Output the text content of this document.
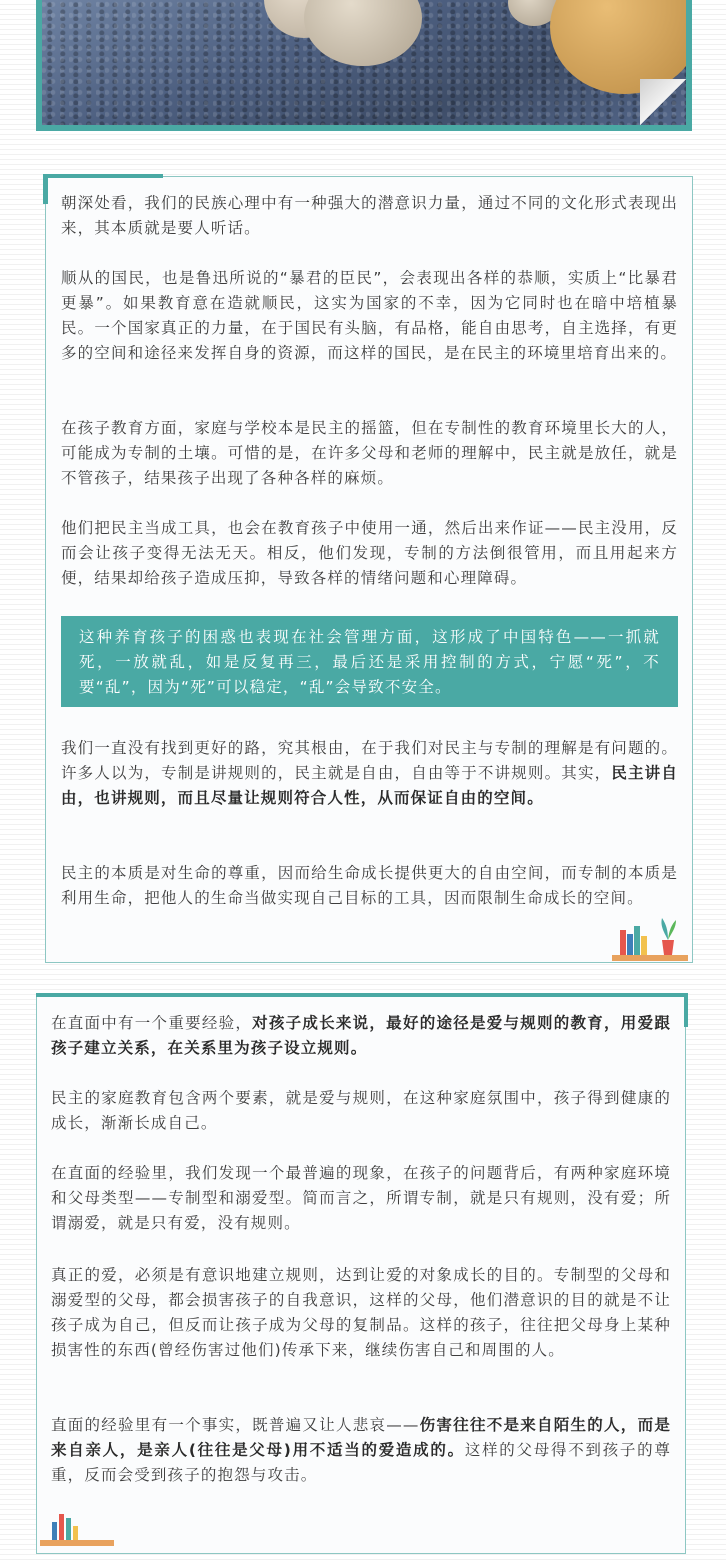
朝深处看，我们的民族心理中有一种强大的潜意识力量，通过不同的文化形式表现出来，其本质就是要人听话。

顺从的国民，也是鲁迅所说的“暴君的臣民”，会表现出各样的恭顺，实质上“比暴君更暴”。如果教育意在造就顺民，这实为国家的不幸，因为它同时也在暗中培植暴民。一个国家真正的力量，在于国民有头脑，有品格，能自由思考，自主选择，有更多的空间和途径来发挥自身的资源，而这样的国民，是在民主的环境里培育出来的。

在孩子教育方面，家庭与学校本是民主的摇篮，但在专制性的教育环境里长大的人，可能成为专制的土壤。可惜的是，在许多父母和老师的理解中，民主就是放任，就是不管孩子，结果孩子出现了各种各样的麻烦。

他们把民主当成工具，也会在教育孩子中使用一通，然后出来作证——民主没用，反而会让孩子变得无法无天。相反，他们发现，专制的方法倒很管用，而且用起来方便，结果却给孩子造成压抑，导致各样的情绪问题和心理障碍。

这种养育孩子的困惑也表现在社会管理方面，这形成了中国特色——一抓就死，一放就乱，如是反复再三，最后还是采用控制的方式，宁愿“死”，不要“乱”，因为“死”可以稳定，“乱”会导致不安全。

我们一直没有找到更好的路，究其根由，在于我们对民主与专制的理解是有问题的。许多人以为，专制是讲规则的，民主就是自由，自由等于不讲规则。其实，民主讲自由，也讲规则，而且尽量让规则符合人性，从而保证自由的空间。

民主的本质是对生命的尊重，因而给生命成长提供更大的自由空间，而专制的本质是利用生命，把他人的生命当做实现自己目标的工具，因而限制生命成长的空间。

在直面中有一个重要经验，对孩子成长来说，最好的途径是爱与规则的教育，用爱跟孩子建立关系，在关系里为孩子设立规则。

民主的家庭教育包含两个要素，就是爱与规则，在这种家庭氛围中，孩子得到健康的成长，渐渐长成自己。

在直面的经验里，我们发现一个最普遍的现象，在孩子的问题背后，有两种家庭环境和父母类型——专制型和溺爱型。简而言之，所谓专制，就是只有规则，没有爱；所谓溺爱，就是只有爱，没有规则。

真正的爱，必须是有意识地建立规则，达到让爱的对象成长的目的。专制型的父母和溺爱型的父母，都会损害孩子的自我意识，这样的父母，他们潜意识的目的就是不让孩子成为自己，但反而让孩子成为父母的复制品。这样的孩子，往往把父母身上某种损害性的东西(曾经伤害过他们)传承下来，继续伤害自己和周围的人。

直面的经验里有一个事实，既普遍又让人悲哀——伤害往往不是来自陌生的人，而是来自亲人，是亲人(往往是父母)用不适当的爱造成的。这样的父母得不到孩子的尊重，反而会受到孩子的抱怨与攻击。
